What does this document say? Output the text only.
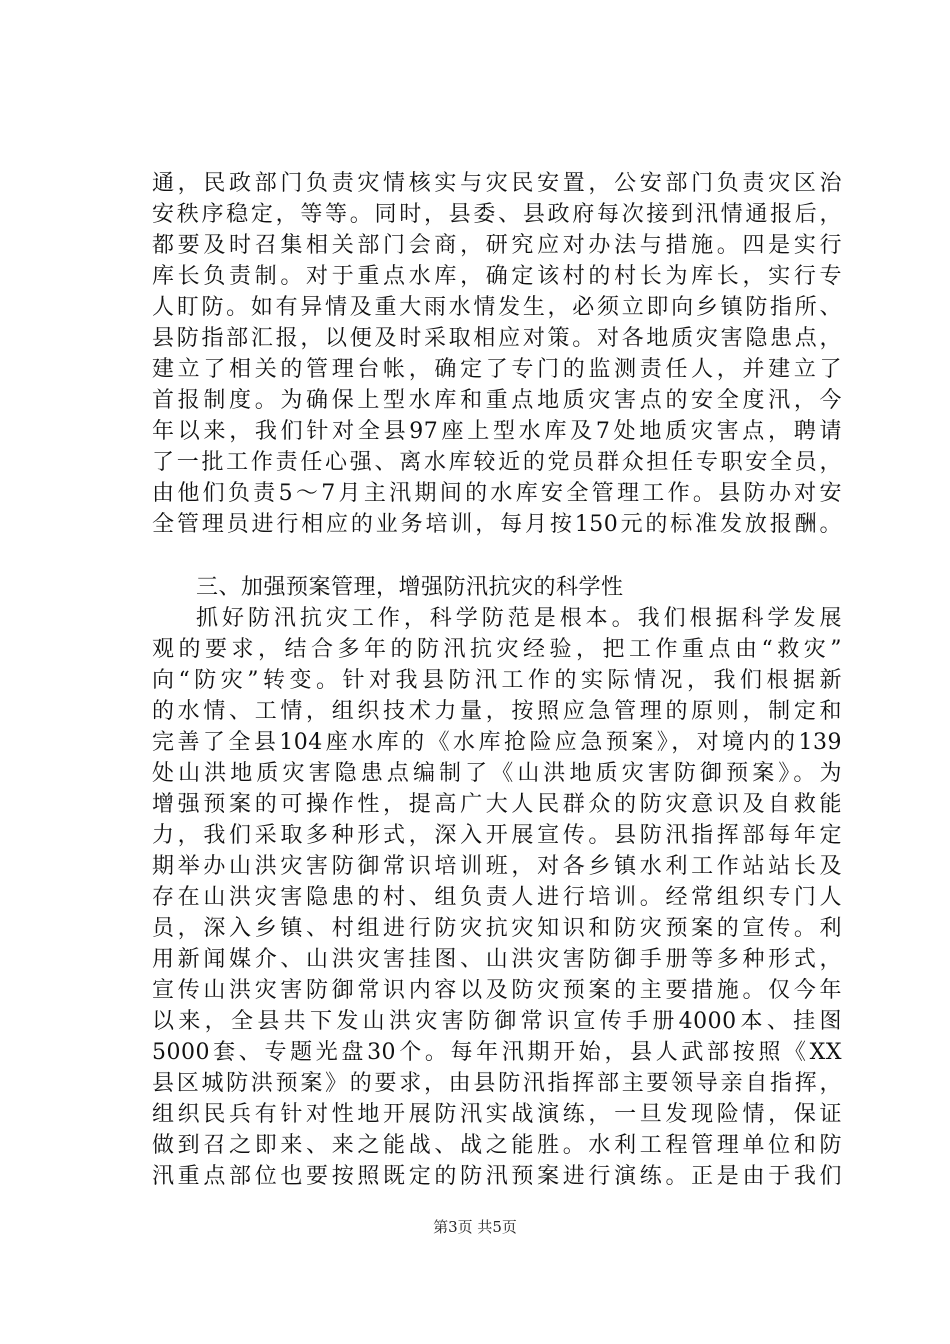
通，民政部门负责灾情核实与灾民安置，公安部门负责灾区治
安秩序稳定，等等。同时，县委、县政府每次接到汛情通报后，
都要及时召集相关部门会商，研究应对办法与措施。四是实行
库长负责制。对于重点水库，确定该村的村长为库长，实行专
人盯防。如有异情及重大雨水情发生，必须立即向乡镇防指所、
县防指部汇报，以便及时采取相应对策。对各地质灾害隐患点，
建立了相关的管理台帐，确定了专门的监测责任人，并建立了
首报制度。为确保上型水库和重点地质灾害点的安全度汛，今
年以来，我们针对全县97座上型水库及7处地质灾害点，聘请
了一批工作责任心强、离水库较近的党员群众担任专职安全员，
由他们负责5～7月主汛期间的水库安全管理工作。县防办对安
全管理员进行相应的业务培训，每月按150元的标准发放报酬。
三、加强预案管理，增强防汛抗灾的科学性
抓好防汛抗灾工作，科学防范是根本。我们根据科学发展
观的要求，结合多年的防汛抗灾经验，把工作重点由“救灾”
向“防灾”转变。针对我县防汛工作的实际情况，我们根据新
的水情、工情，组织技术力量，按照应急管理的原则，制定和
完善了全县104座水库的《水库抢险应急预案》，对境内的139
处山洪地质灾害隐患点编制了《山洪地质灾害防御预案》。为
增强预案的可操作性，提高广大人民群众的防灾意识及自救能
力，我们采取多种形式，深入开展宣传。县防汛指挥部每年定
期举办山洪灾害防御常识培训班，对各乡镇水利工作站站长及
存在山洪灾害隐患的村、组负责人进行培训。经常组织专门人
员，深入乡镇、村组进行防灾抗灾知识和防灾预案的宣传。利
用新闻媒介、山洪灾害挂图、山洪灾害防御手册等多种形式，
宣传山洪灾害防御常识内容以及防灾预案的主要措施。仅今年
以来，全县共下发山洪灾害防御常识宣传手册4000本、挂图
5000套、专题光盘30个。每年汛期开始，县人武部按照《XX
县区城防洪预案》的要求，由县防汛指挥部主要领导亲自指挥，
组织民兵有针对性地开展防汛实战演练，一旦发现险情，保证
做到召之即来、来之能战、战之能胜。水利工程管理单位和防
汛重点部位也要按照既定的防汛预案进行演练。正是由于我们
第3页 共5页
